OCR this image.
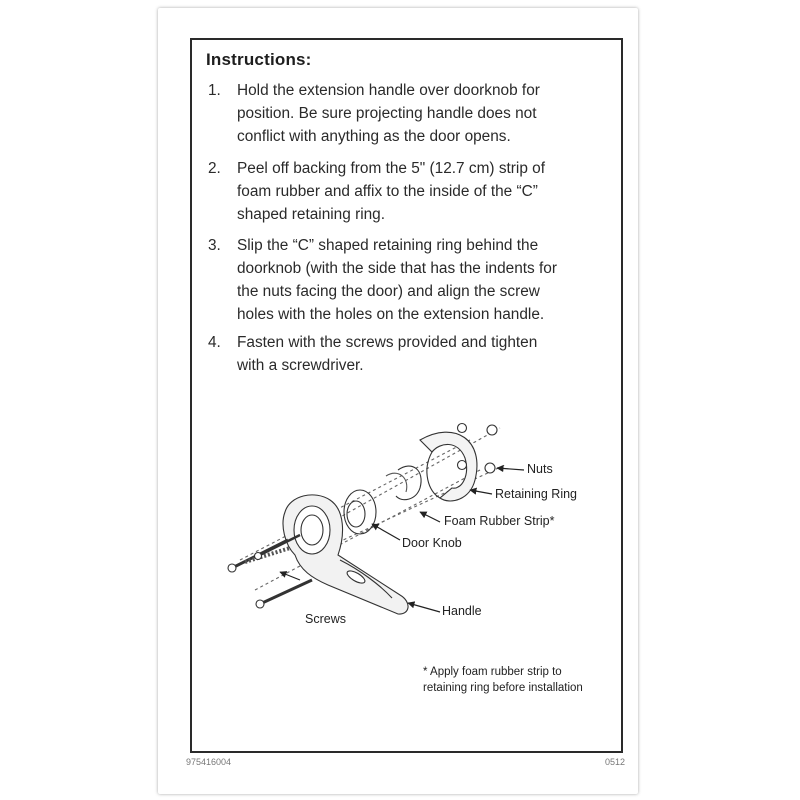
Instructions:
1. Hold the extension handle over doorknob for
position. Be sure projecting handle does not
conflict with anything as the door opens.
2. Peel off backing from the 5" (12.7 cm) strip of
foam rubber and affix to the inside of the “C”
shaped retaining ring.
3. Slip the “C” shaped retaining ring behind the
doorknob (with the side that has the indents for
the nuts facing the door) and align the screw
holes with the holes on the extension handle.
4. Fasten with the screws provided and tighten
with a screwdriver.
Nuts
Retaining Ring
Foam Rubber Strip*
Door Knob
Handle
Screws
* Apply foam rubber strip to
retaining ring before installation
975416004	0512
